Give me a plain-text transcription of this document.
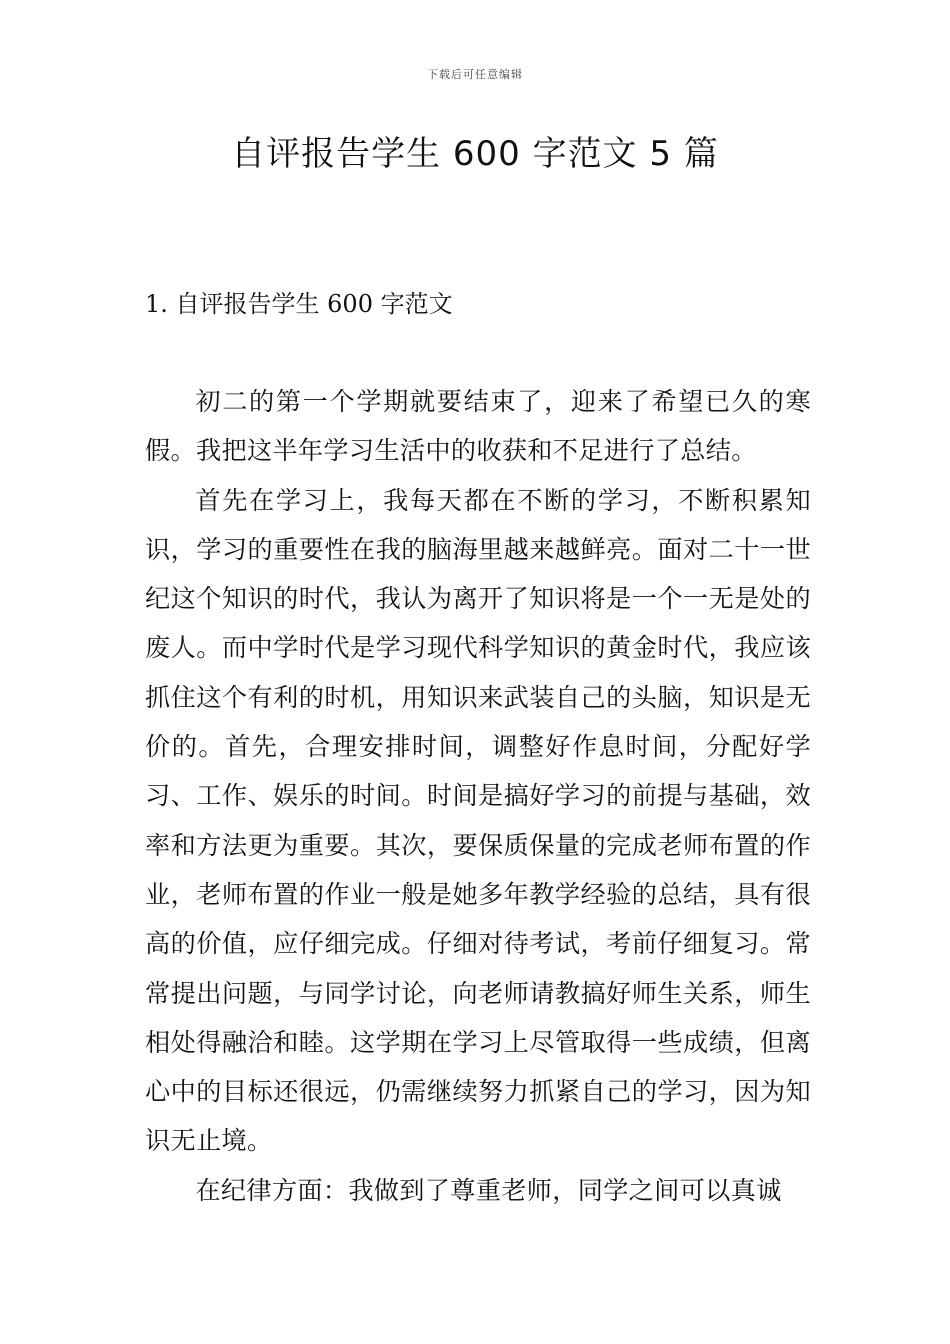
下载后可任意编辑
自评报告学生 600 字范文 5 篇
1. 自评报告学生 600 字范文

初二的第一个学期就要结束了，迎来了希望已久的寒假。我把这半年学习生活中的收获和不足进行了总结。

首先在学习上，我每天都在不断的学习，不断积累知识，学习的重要性在我的脑海里越来越鲜亮。面对二十一世纪这个知识的时代，我认为离开了知识将是一个一无是处的废人。而中学时代是学习现代科学知识的黄金时代，我应该抓住这个有利的时机，用知识来武装自己的头脑，知识是无价的。首先，合理安排时间，调整好作息时间，分配好学习、工作、娱乐的时间。时间是搞好学习的前提与基础，效率和方法更为重要。其次，要保质保量的完成老师布置的作业，老师布置的作业一般是她多年教学经验的总结，具有很高的价值，应仔细完成。仔细对待考试，考前仔细复习。常常提出问题，与同学讨论，向老师请教搞好师生关系，师生相处得融洽和睦。这学期在学习上尽管取得一些成绩，但离心中的目标还很远，仍需继续努力抓紧自己的学习，因为知识无止境。

在纪律方面：我做到了尊重老师，同学之间可以真诚
